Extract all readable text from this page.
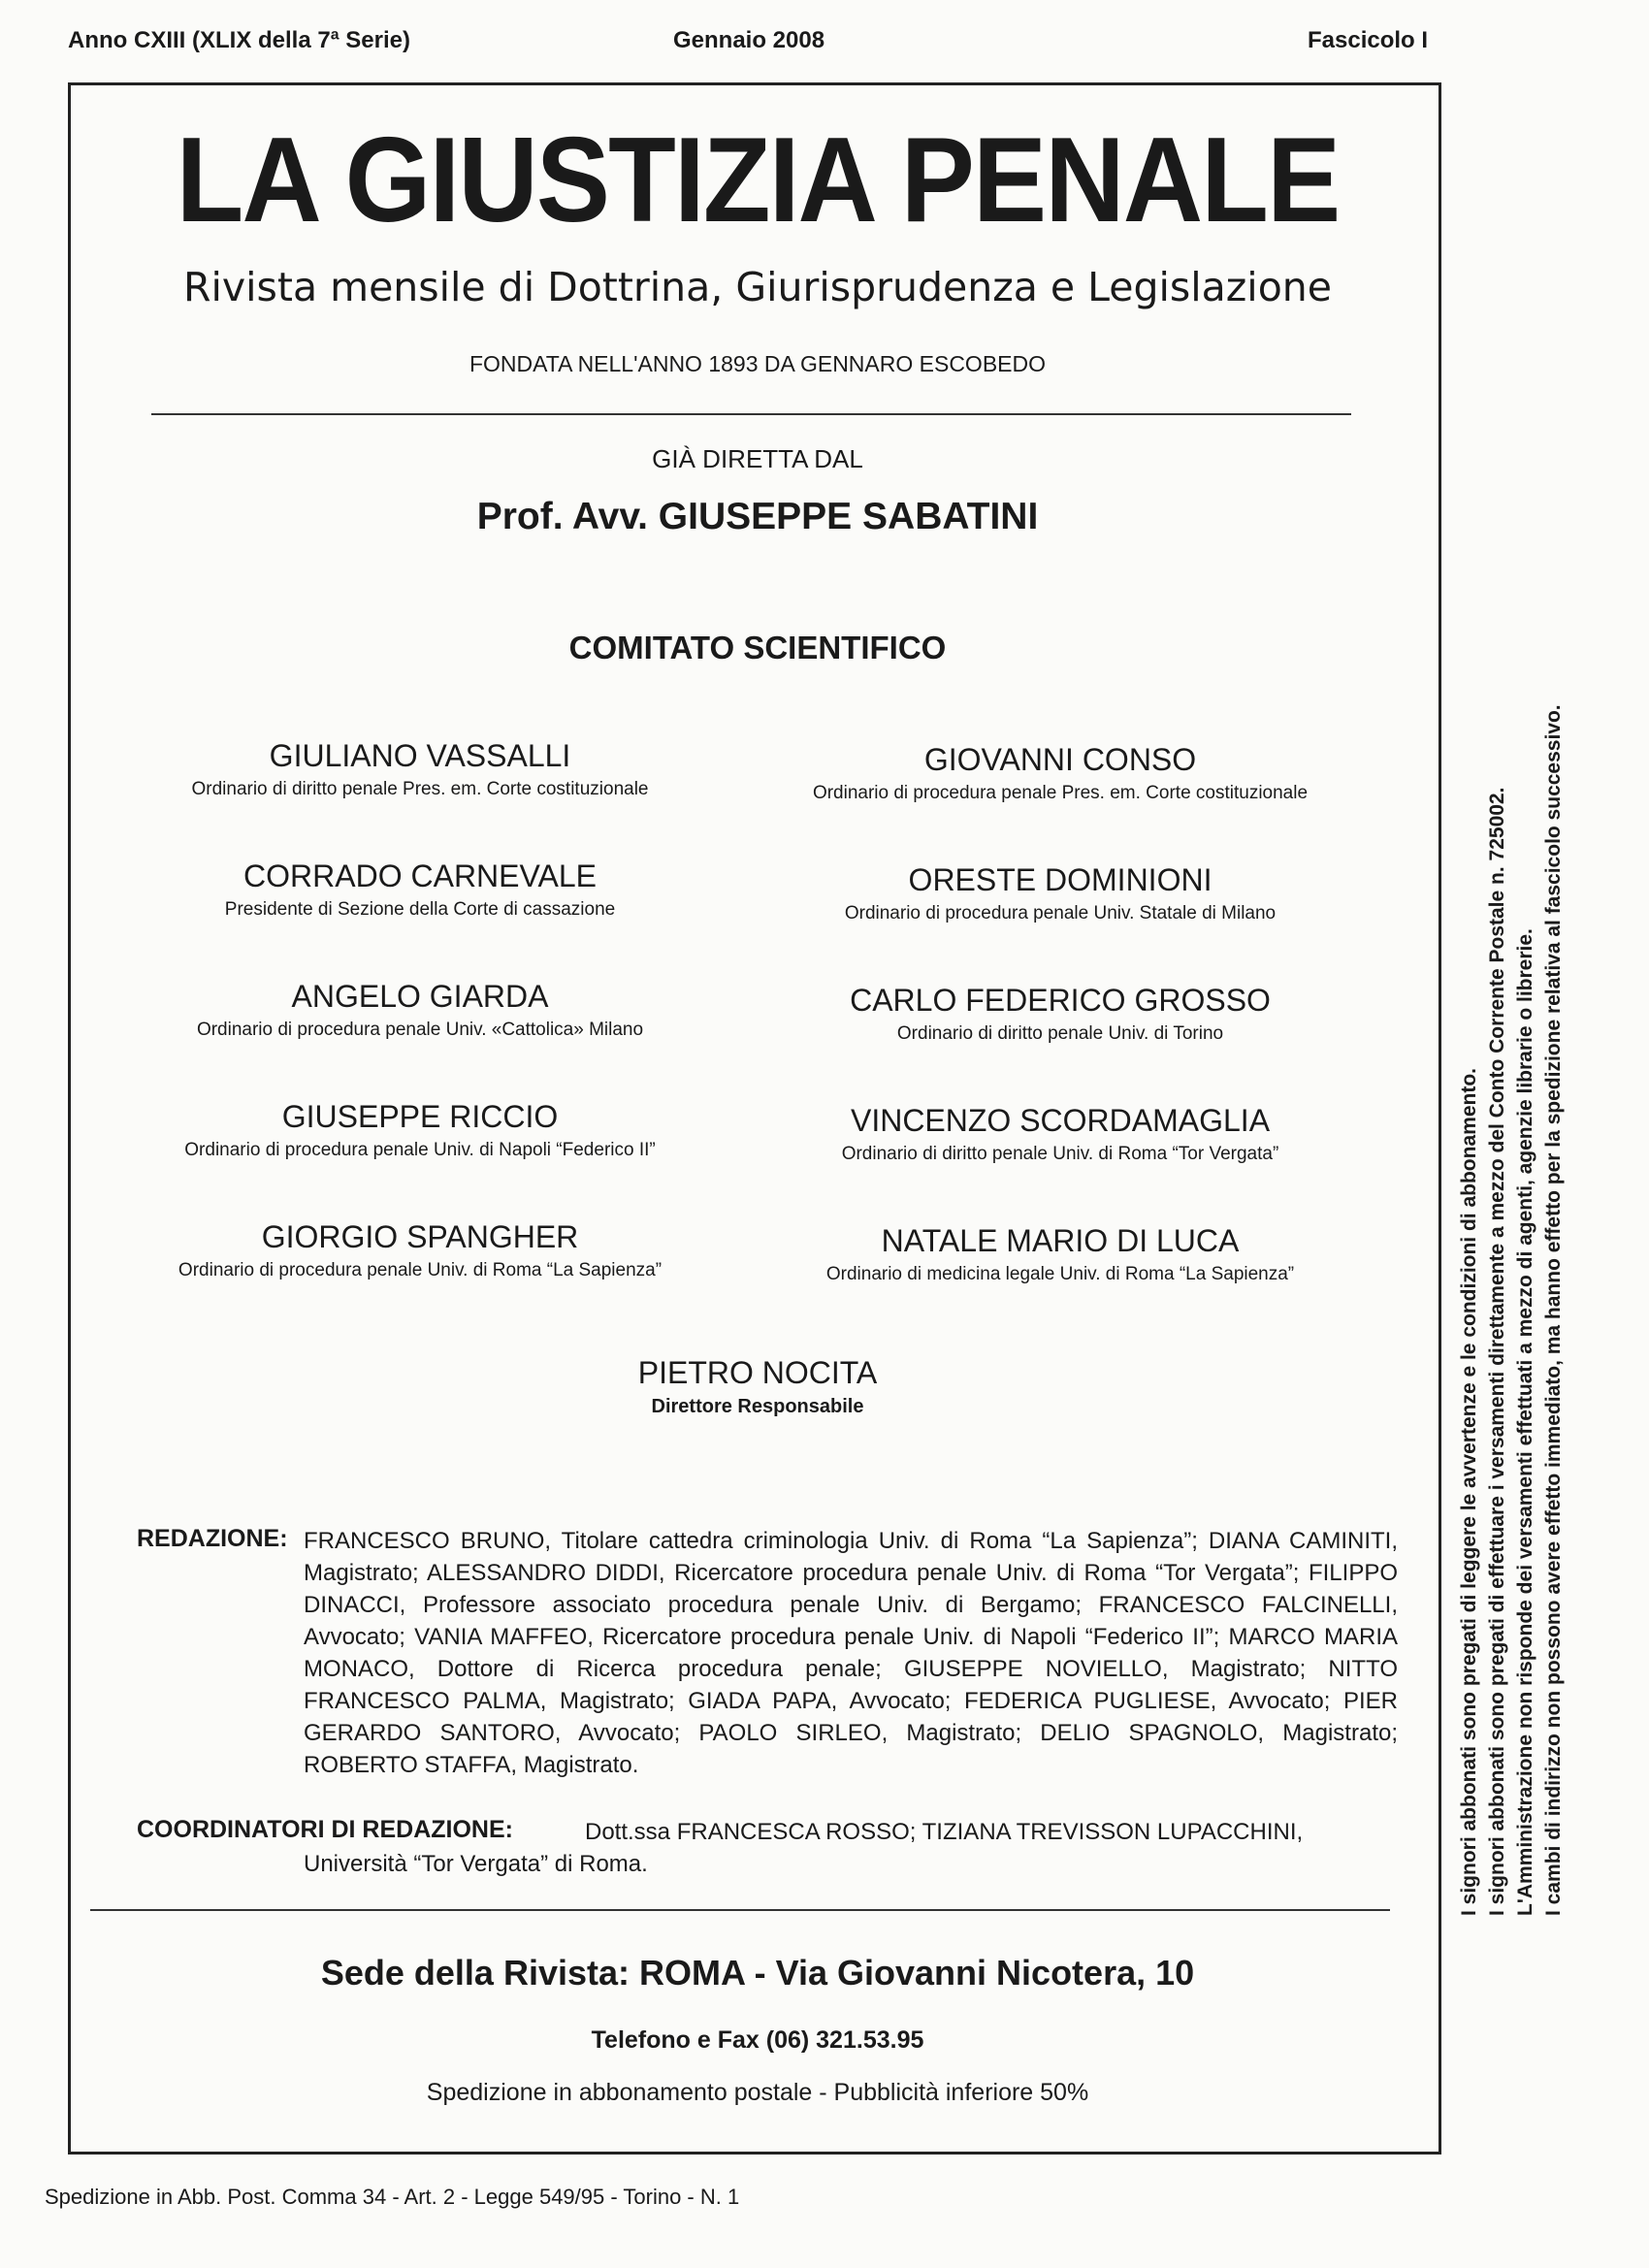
Anno CXIII (XLIX della 7ª Serie)	Gennaio 2008	Fascicolo I
LA GIUSTIZIA PENALE
Rivista mensile di Dottrina, Giurisprudenza e Legislazione
FONDATA NELL'ANNO 1893 DA GENNARO ESCOBEDO
GIÀ DIRETTA DAL
Prof. Avv. GIUSEPPE SABATINI
COMITATO SCIENTIFICO
GIULIANO VASSALLI
Ordinario di diritto penale Pres. em. Corte costituzionale
GIOVANNI CONSO
Ordinario di procedura penale Pres. em. Corte costituzionale
CORRADO CARNEVALE
Presidente di Sezione della Corte di cassazione
ORESTE DOMINIONI
Ordinario di procedura penale Univ. Statale di Milano
ANGELO GIARDA
Ordinario di procedura penale Univ. «Cattolica» Milano
CARLO FEDERICO GROSSO
Ordinario di diritto penale Univ. di Torino
GIUSEPPE RICCIO
Ordinario di procedura penale Univ. di Napoli “Federico II”
VINCENZO SCORDAMAGLIA
Ordinario di diritto penale Univ. di Roma “Tor Vergata”
GIORGIO SPANGHER
Ordinario di procedura penale Univ. di Roma “La Sapienza”
NATALE MARIO DI LUCA
Ordinario di medicina legale Univ. di Roma “La Sapienza”
PIETRO NOCITA
Direttore Responsabile
REDAZIONE: FRANCESCO BRUNO, Titolare cattedra criminologia Univ. di Roma “La Sapienza”; DIANA CAMINITI, Magistrato; ALESSANDRO DIDDI, Ricercatore procedura penale Univ. di Roma “Tor Vergata”; FILIPPO DINACCI, Professore associato procedura penale Univ. di Bergamo; FRANCESCO FALCINELLI, Avvocato; VANIA MAFFEO, Ricercatore procedura penale Univ. di Napoli “Federico II”; MARCO MARIA MONACO, Dottore di Ricerca procedura penale; GIUSEPPE NOVIELLO, Magistrato; NITTO FRANCESCO PALMA, Magistrato; GIADA PAPA, Avvocato; FEDERICA PUGLIESE, Avvocato; PIER GERARDO SANTORO, Avvocato; PAOLO SIRLEO, Magistrato; DELIO SPAGNOLO, Magistrato; ROBERTO STAFFA, Magistrato.
COORDINATORI DI REDAZIONE:	Dott.ssa FRANCESCA ROSSO; TIZIANA TREVISSON LUPACCHINI, Università “Tor Vergata” di Roma.
Sede della Rivista: ROMA - Via Giovanni Nicotera, 10
Telefono e Fax (06) 321.53.95
Spedizione in abbonamento postale - Pubblicità inferiore 50%
Spedizione in Abb. Post. Comma 34 - Art. 2 - Legge 549/95 - Torino - N. 1
I signori abbonati sono pregati di leggere le avvertenze e le condizioni di abbonamento. I signori abbonati sono pregati di effettuare i versamenti direttamente a mezzo del Conto Corrente Postale n. 725002. L'Amministrazione non risponde dei versamenti effettuati a mezzo di agenti, agenzie librarie o librerie. I cambi di indirizzo non possono avere effetto immediato, ma hanno effetto per la spedizione relativa al fascicolo successivo.
